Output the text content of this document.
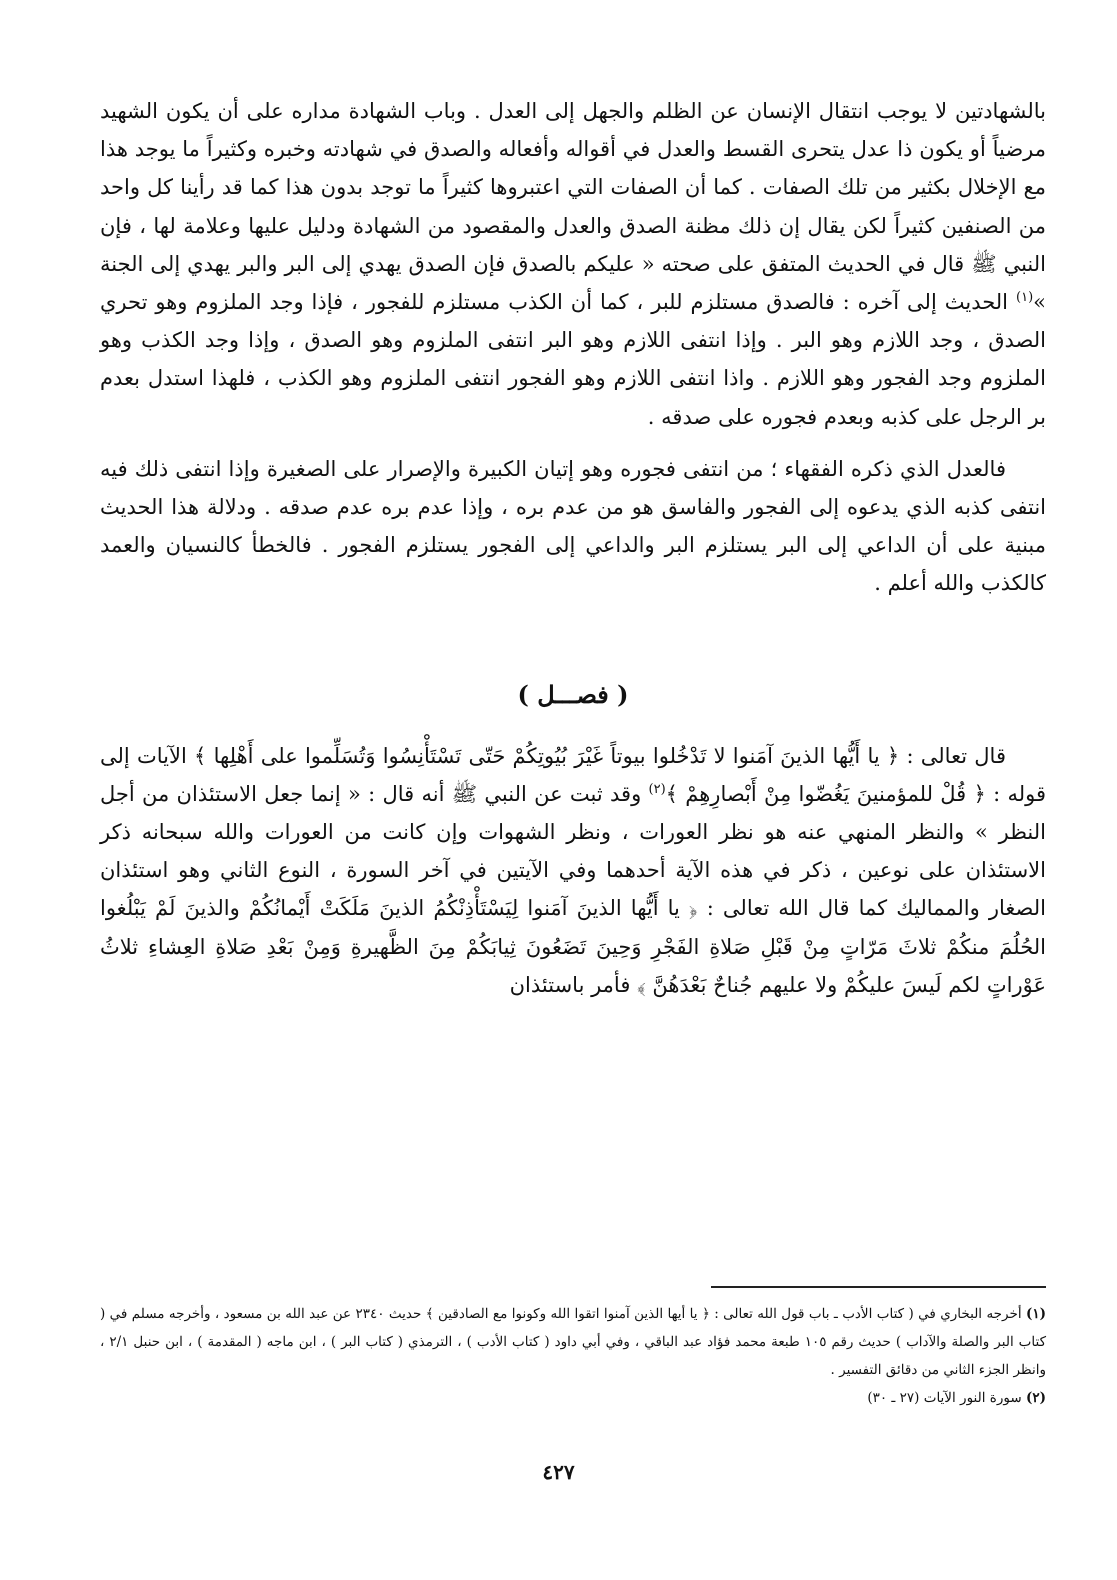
بالشهادتين لا يوجب انتقال الإنسان عن الظلم والجهل إلى العدل . وباب الشهادة مداره على أن يكون الشهيد مرضياً أو يكون ذا عدل يتحرى القسط والعدل في أقواله وأفعاله والصدق في شهادته وخبره وكثيراً ما يوجد هذا مع الإخلال بكثير من تلك الصفات . كما أن الصفات التي اعتبروها كثيراً ما توجد بدون هذا كما قد رأينا كل واحد من الصنفين كثيراً لكن يقال إن ذلك مظنة الصدق والعدل والمقصود من الشهادة ودليل عليها وعلامة لها ، فإن النبي ﷺ قال في الحديث المتفق على صحته « عليكم بالصدق فإن الصدق يهدي إلى البر والبر يهدي إلى الجنة »$^{(١)}$ الحديث إلى آخره : فالصدق مستلزم للبر ، كما أن الكذب مستلزم للفجور ، فإذا وجد الملزوم وهو تحري الصدق ، وجد اللازم وهو البر . وإذا انتفى اللازم وهو البر انتفى الملزوم وهو الصدق ، وإذا وجد الكذب وهو الملزوم وجد الفجور وهو اللازم . واذا انتفى اللازم وهو الفجور انتفى الملزوم وهو الكذب ، فلهذا استدل بعدم بر الرجل على كذبه وبعدم فجوره على صدقه .

فالعدل الذي ذكره الفقهاء ؛ من انتفى فجوره وهو إتيان الكبيرة والإصرار على الصغيرة وإذا انتفى ذلك فيه انتفى كذبه الذي يدعوه إلى الفجور والفاسق هو من عدم بره ، وإذا عدم بره عدم صدقه . ودلالة هذا الحديث مبنية على أن الداعي إلى البر يستلزم البر والداعي إلى الفجور يستلزم الفجور . فالخطأ كالنسيان والعمد كالكذب والله أعلم .

( فصـــل )

قال تعالى : ﴿ يا أَيُّها الذينَ آمَنوا لا تَدْخُلوا بيوتاً غَيْرَ بُيُوتِكُمْ حَتّى تَسْتَأْنِسُوا وَتُسَلِّموا على أَهْلِها ﴾ الآيات إلى قوله : ﴿ قُلْ للمؤمنينَ يَغُضّوا مِنْ أَبْصارِهِمْ ﴾$^{(٢)}$ وقد ثبت عن النبي ﷺ أنه قال : « إنما جعل الاستئذان من أجل النظر » والنظر المنهي عنه هو نظر العورات ، ونظر الشهوات وإن كانت من العورات والله سبحانه ذكر الاستئذان على نوعين ، ذكر في هذه الآية أحدهما وفي الآيتين في آخر السورة ، النوع الثاني وهو استئذان الصغار والمماليك كما قال الله تعالى : ﴿ يا أَيُّها الذينَ آمَنوا لِيَسْتَأْذِنْكُمُ الذينَ مَلَكَتْ أَيْمانُكُمْ والذينَ لَمْ يَبْلُغوا الحُلُمَ منكُمْ ثلاثَ مَرّاتٍ مِنْ قَبْلِ صَلاةِ الفَجْرِ وَحِينَ تَضَعُونَ ثِيابَكُمْ مِنَ الظَّهيرةِ وَمِنْ بَعْدِ صَلاةِ العِشاءِ ثلاثُ عَوْراتٍ لكم لَيسَ عليكُمْ ولا عليهم جُناحٌ بَعْدَهُنَّ ﴾ فأمر باستئذان

(١) أخرجه البخاري في ( كتاب الأدب ـ باب قول الله تعالى : ﴿ يا أيها الذين آمنوا اتقوا الله وكونوا مع الصادقين ﴾ حديث ٢٣٤٠ عن عبد الله بن مسعود ، وأخرجه مسلم في ( كتاب البر والصلة والآداب ) حديث رقم ١٠٥ طبعة محمد فؤاد عبد الباقي ، وفي أبي داود ( كتاب الأدب ) ، الترمذي ( كتاب البر ) ، ابن ماجه ( المقدمة ) ، ابن حنبل ٢/١ ، وانظر الجزء الثاني من دقائق التفسير .

(٢) سورة النور الآيات (٢٧ ـ ٣٠)

٤٢٧
